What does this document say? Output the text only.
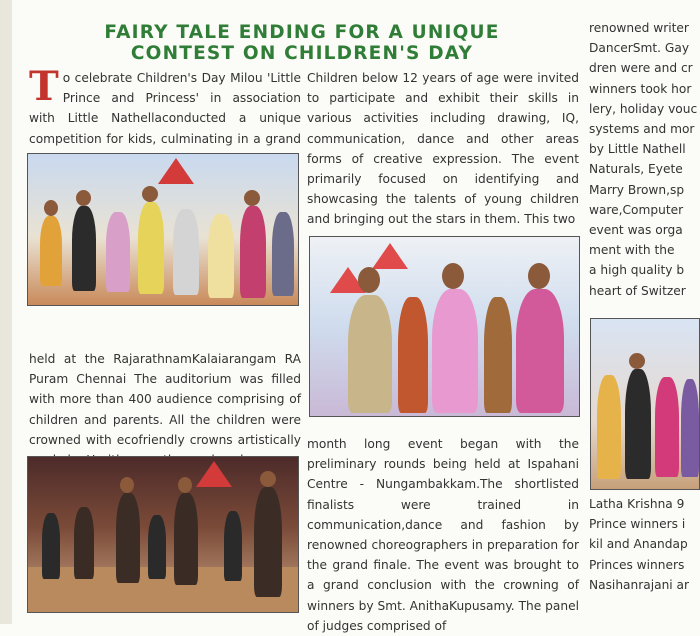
FAIRY TALE ENDING FOR A UNIQUE
CONTEST ON CHILDREN'S DAY
To celebrate Children's Day Milou 'Little Prince and Princess' in association with Little Nathellaconducted a unique competition for kids, culminating in a grand
held at the RajarathnamKalaiarangam RA Puram Chennai The auditorium was filled with more than 400 audience comprising of children and parents. All the children were crowned with ecofriendly crowns artistically
Children below 12 years of age were invited to participate and exhibit their skills in various activities including drawing, IQ, communication, dance and other areas forms of creative expression. The event primarily focused on identifying and showcasing the talents of young children and bringing out the stars in them. This two
month long event began with the preliminary rounds being held at Ispahani Centre - Nungambakkam.The shortlisted finalists were trained in communication,dance and fashion by renowned choreographers in preparation for the grand finale. The event was brought to a grand conclusion with the crowning of winners by Smt. AnithaKupusamy. The panel of judges comprised of
renowned writer
DancerSmt. Gay
dren were and cr
winners took hor
lery, holiday vouc
systems and mor
by Little Nathell
Naturals, Eyete
Marry Brown,sp
ware,Computer
event was orga
ment with the
a high quality b
heart of Switzer
Latha Krishna 9
Prince winners i
kil and Anandap
Princes winners
Nasihanrajani ar
